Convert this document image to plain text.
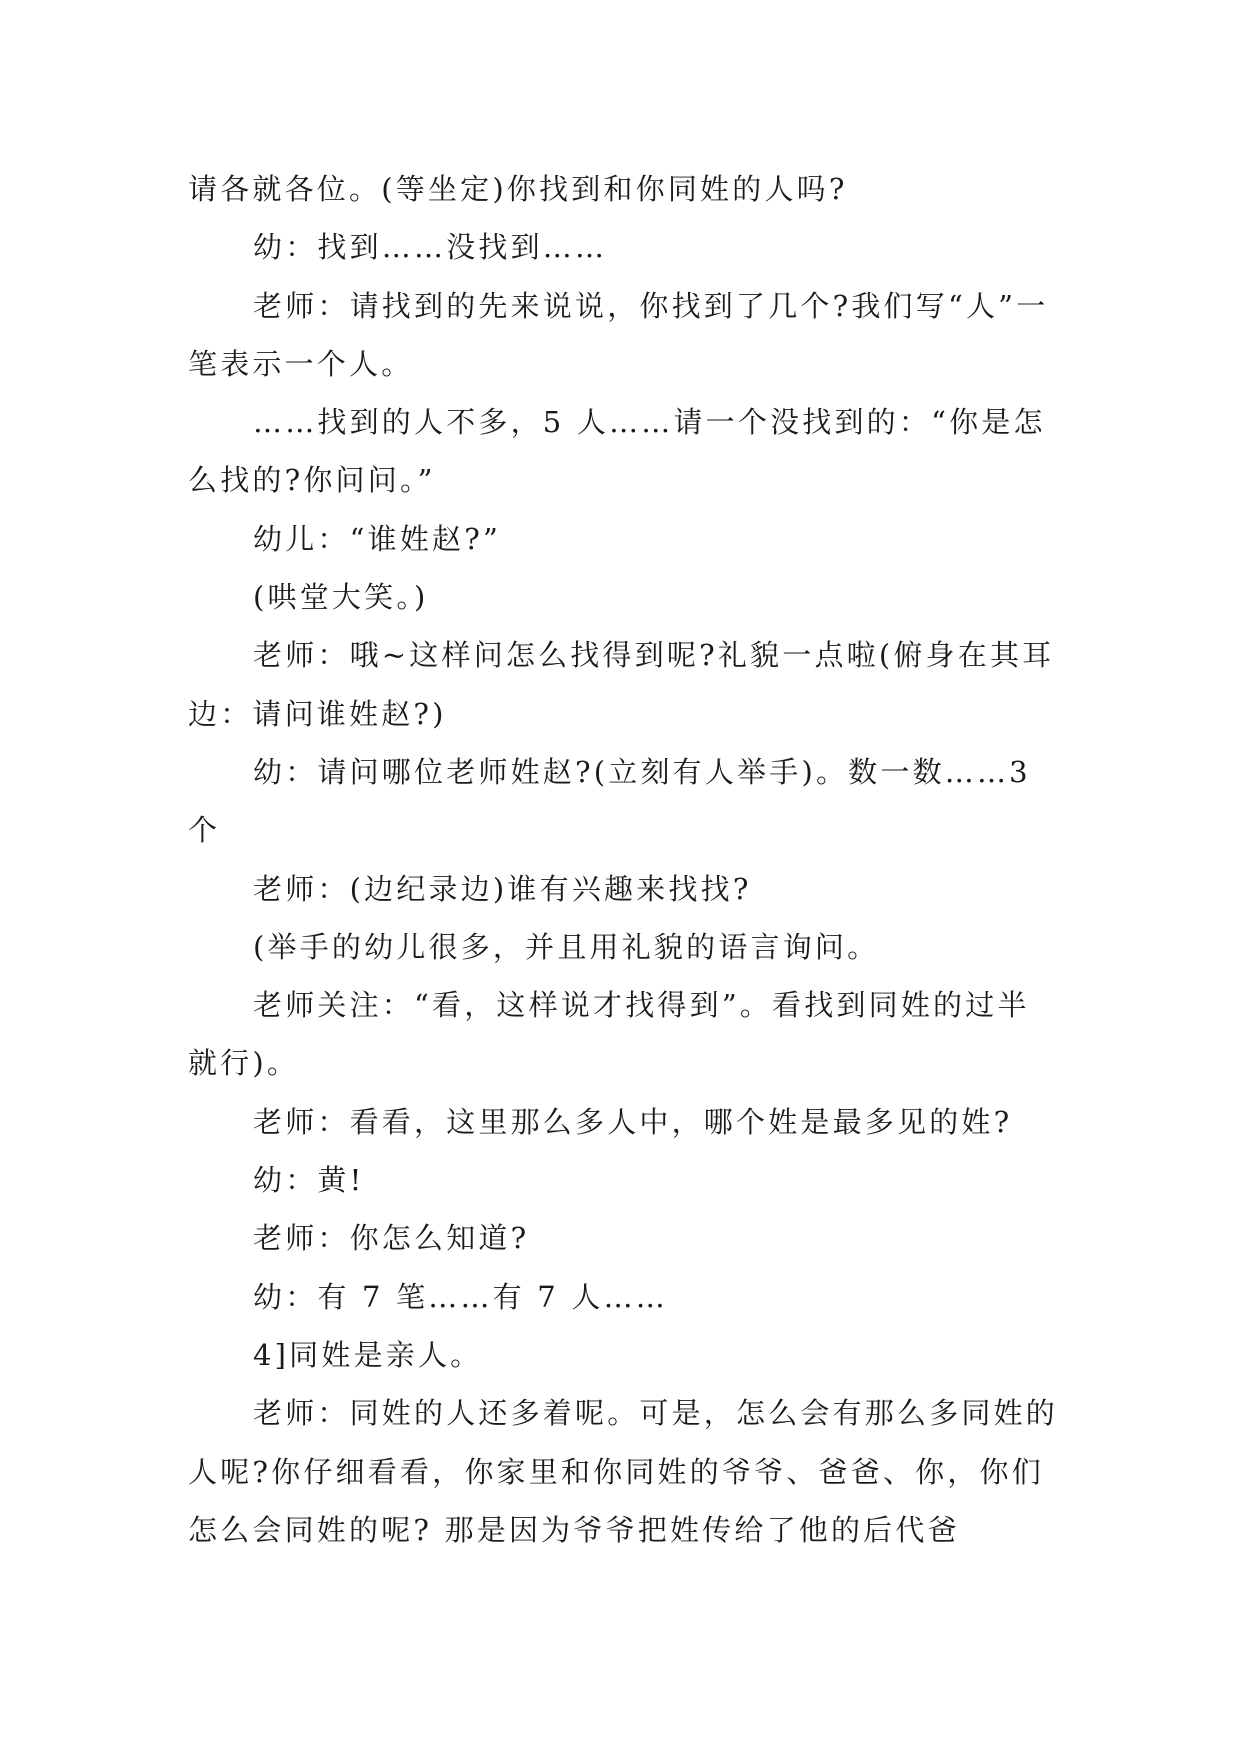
请各就各位。(等坐定)你找到和你同姓的人吗?

幼：找到……没找到……

老师：请找到的先来说说，你找到了几个?我们写“人”一笔表示一个人。

……找到的人不多，5 人……请一个没找到的：“你是怎么找的?你问问。”

幼儿：“谁姓赵?”

(哄堂大笑。)

老师：哦~这样问怎么找得到呢?礼貌一点啦(俯身在其耳边：请问谁姓赵?)

幼：请问哪位老师姓赵?(立刻有人举手)。数一数……3 个

老师：(边纪录边)谁有兴趣来找找?

(举手的幼儿很多，并且用礼貌的语言询问。

老师关注：“看，这样说才找得到”。看找到同姓的过半就行)。

老师：看看，这里那么多人中，哪个姓是最多见的姓?

幼：黄!

老师：你怎么知道?

幼：有 7 笔……有 7 人……

4]同姓是亲人。

老师：同姓的人还多着呢。可是，怎么会有那么多同姓的人呢?你仔细看看，你家里和你同姓的爷爷、爸爸、你，你们怎么会同姓的呢? 那是因为爷爷把姓传给了他的后代爸
